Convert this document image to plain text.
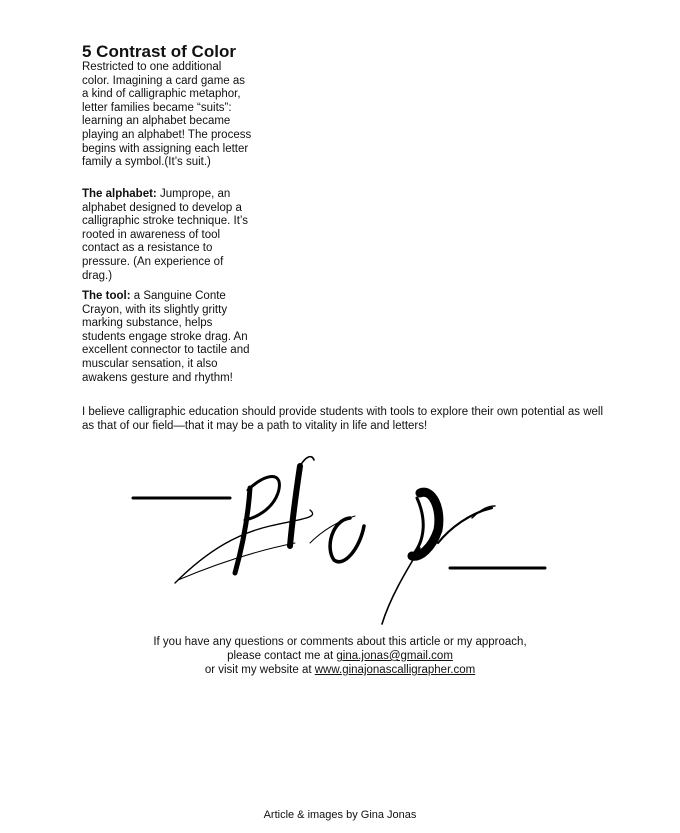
5 Contrast of Color

Restricted to one additional color. Imagining a card game as a kind of calligraphic metaphor, letter families became “suits”: learning an alphabet became playing an alphabet! The process begins with assigning each letter family a symbol.(It’s suit.)

The alphabet: Jumprope, an alphabet designed to develop a calligraphic stroke technique. It’s rooted in awareness of tool contact as a resistance to pressure. (An experience of drag.)

The tool: a Sanguine Conte Crayon, with its slightly gritty marking substance, helps students engage stroke drag. An excellent connector to tactile and muscular sensation, it also awakens gesture and rhythm!

I believe calligraphic education should provide students with tools to explore their own potential as well as that of our field—that it may be a path to vitality in life and letters!

If you have any questions or comments about this article or my approach,
please contact me at gina.jonas@gmail.com
or visit my website at www.ginajonascalligrapher.com

Article & images by Gina Jonas
